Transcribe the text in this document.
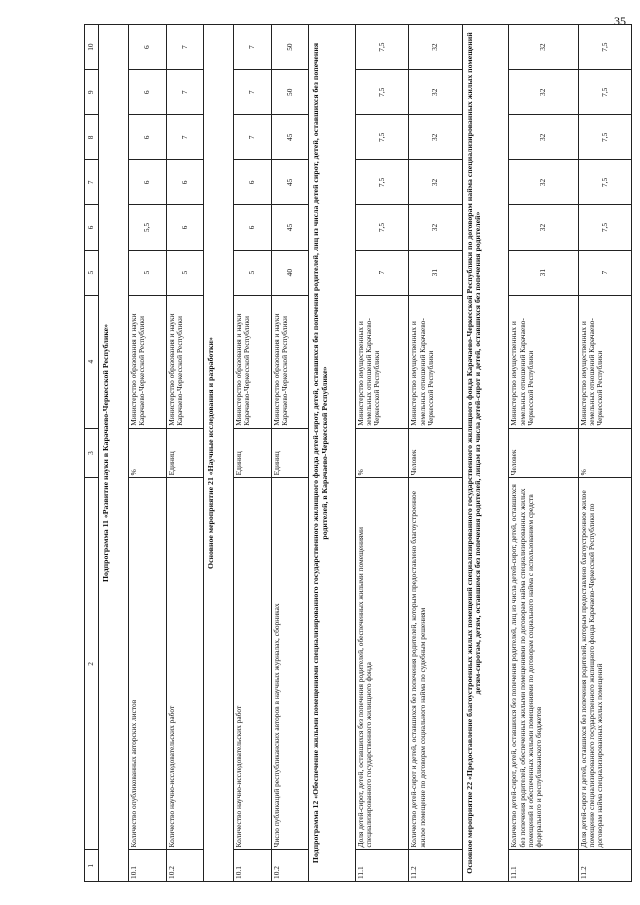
35
1	2	3	4	5	6	7	8	9	10
Подпрограмма 11 «Развитие науки в Карачаево-Черкесской Республике»									
10.1	Количество опубликованных авторских листов	%	Министерство образования и науки Карачаево-Черкесской Республики	5	5,5	6	6	6	6
10.2	Количество научно-исследовательских работ	Единиц	Министерство образования и науки Карачаево-Черкесской Республики	5	6	6	7	7	7
Основное мероприятие 21 «Научные исследования и разработки»									
10.1	Количество научно-исследовательских работ	Единиц	Министерство образования и науки Карачаево-Черкесской Республики	5	6	6	7	7	7
10.2	Число публикаций республиканских авторов в научных журналах, сборниках	Единиц	Министерство образования и науки Карачаево-Черкесской Республики	40	45	45	45	50	50
Подпрограмма 12 «Обеспечение жилыми помещениями специализированного государственного жилищного фонда детей-сирот, детей, оставшихся без попечения родителей, лиц из числа детей сирот, детей, оставшихся без попечения родителей, в Карачаево-Черкесской Республике»									
11.1	Доля детей-сирот, детей, оставшихся без попечения родителей, обеспеченных жилыми помещениями специализированного государственного жилищного фонда	%	Министерство имущественных и земельных отношений Карачаево-Черкесской Республики	7	7,5	7,5	7,5	7,5	7,5
11.2	Количество детей-сирот и детей, оставшихся без попечения родителей, которым предоставлено благоустроенное жилое помещение по договорам социального найма по судебным решениям	Человек	Министерство имущественных и земельных отношений Карачаево-Черкесской Республики	31	32	32	32	32	32
Основное мероприятие 22 «Предоставление благоустроенных жилых помещений специализированного государственного жилищного фонда Карачаево-Черкесской Республики по договорам найма специализированных жилых помещений детям-сиротам, детям, оставшимся без попечения родителей, лицам из числа детей-сирот и детей, оставшихся без попечения родителей»									
11.1	Количество детей-сирот, детей, оставшихся без попечения родителей, лиц из числа детей-сирот, детей, оставшихся без попечения родителей, обеспеченных жилыми помещениями по договорам найма специализированных жилых помещений и обеспеченных жилыми помещениями по договорам социального найма с использованием средств федерального и республиканского бюджетов	Человек	Министерство имущественных и земельных отношений Карачаево-Черкесской Республики	31	32	32	32	32	32
11.2	Доля детей-сирот и детей, оставшихся без попечения родителей, которым предоставлено благоустроенное жилое помещение специализированного государственного жилищного фонда Карачаево-Черкесской Республики по договорам найма специализированных жилых помещений	%	Министерство имущественных и земельных отношений Карачаево-Черкесской Республики	7	7,5	7,5	7,5	7,5	7,5
